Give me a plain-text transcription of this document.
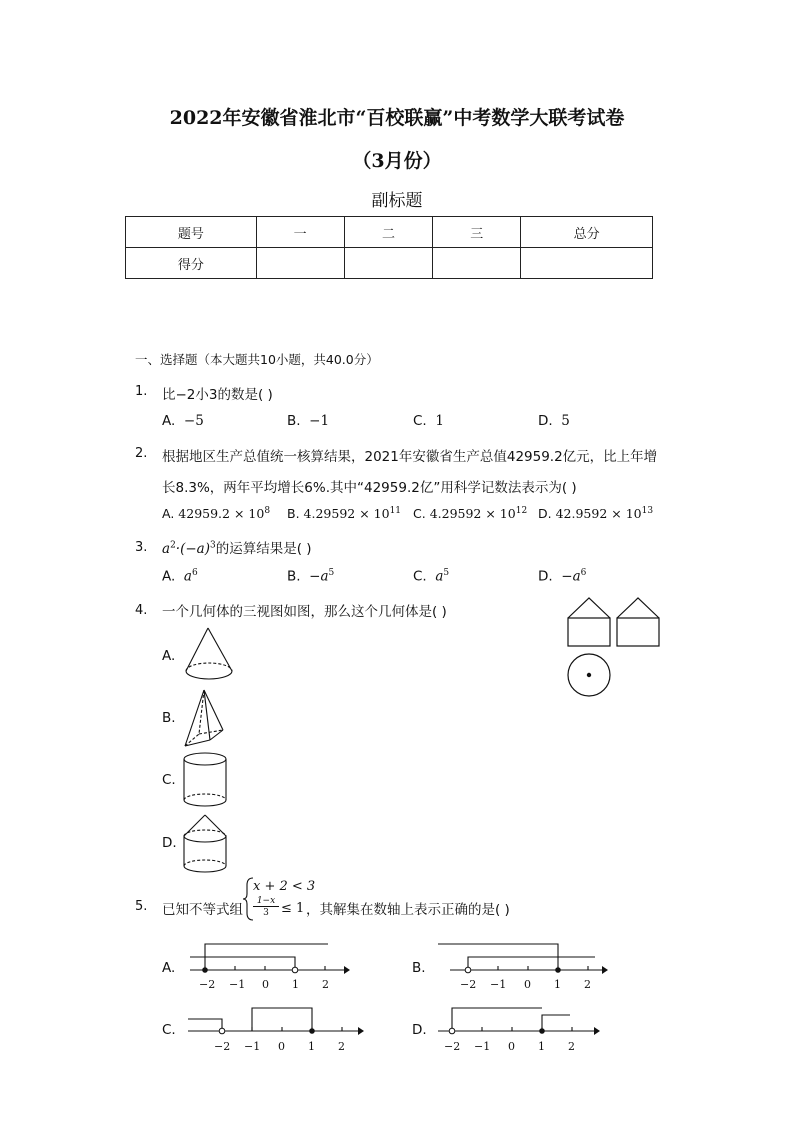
2022年安徽省淮北市“百校联赢”中考数学大联考试卷
（3月份）
副标题
题号	一	二	三	总分
得分				
一、选择题（本大题共10小题，共40.0分）
1. 比−2小3的数是( )
A. −5	B. −1	C. 1	D. 5
2. 根据地区生产总值统一核算结果，2021年安徽省生产总值42959.2亿元，比上年增
长8.3%，两年平均增长6%.其中“42959.2亿”用科学记数法表示为( )
A. $42959.2 \times 10^8$ B. $4.29592 \times 10^{11}$ C. $4.29592 \times 10^{12}$ D. $42.9592 \times 10^{13}$
3. $a^2\cdot(-a)^3$的运算结果是( )
A. $a^6$	B. $-a^5$	C. $a^5$	D. $-a^6$
4. 一个几何体的三视图如图，那么这个几何体是( )
A.
B.
C.
D.
5. 已知不等式组
x + 2 < 3
1−x
3 ≤ 1 ，其解集在数轴上表示正确的是( )
A.	B.
C.	D.
−2 −1 0 1 2	−2 −1 0 1 2
−2 −1 0 1 2	−2 −1 0 1 2
